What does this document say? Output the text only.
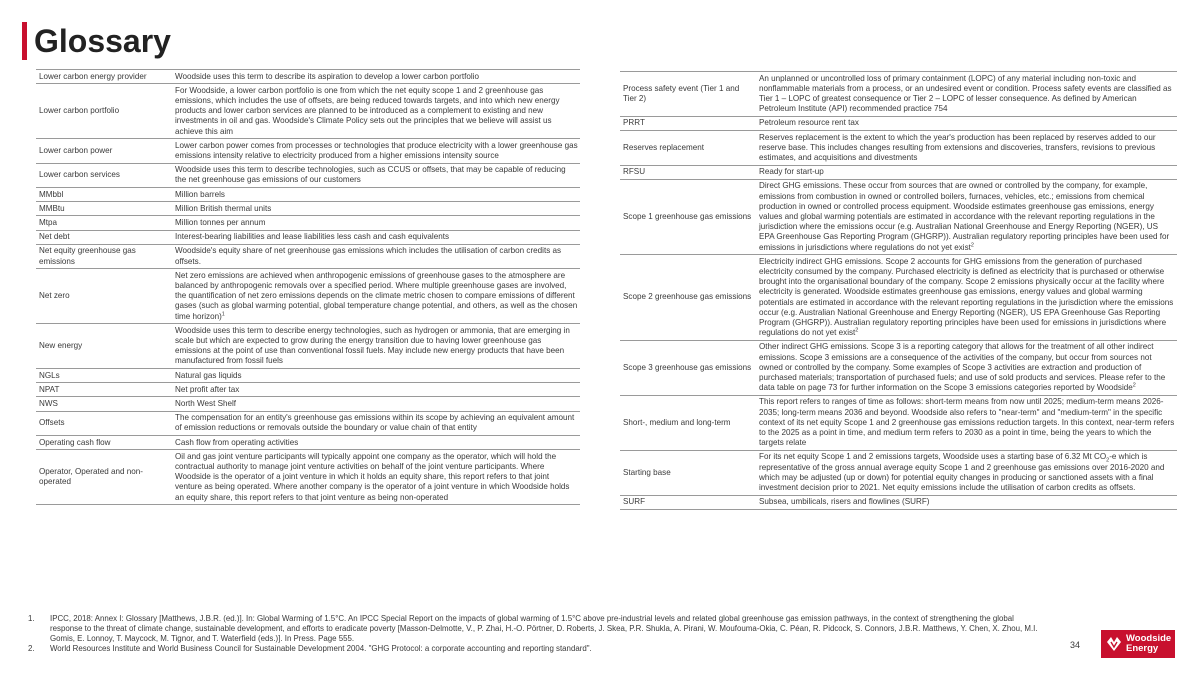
Glossary
Lower carbon energy provider	Woodside uses this term to describe its aspiration to develop a lower carbon portfolio
Lower carbon portfolio	For Woodside, a lower carbon portfolio is one from which the net equity scope 1 and 2 greenhouse gas emissions, which includes the use of offsets, are being reduced towards targets, and into which new energy products and lower carbon services are planned to be introduced as a complement to existing and new investments in oil and gas. Woodside's Climate Policy sets out the principles that we believe will assist us achieve this aim
Lower carbon power	Lower carbon power comes from processes or technologies that produce electricity with a lower greenhouse gas emissions intensity relative to electricity produced from a higher emissions intensity source
Lower carbon services	Woodside uses this term to describe technologies, such as CCUS or offsets, that may be capable of reducing the net greenhouse gas emissions of our customers
MMbbl	Million barrels
MMBtu	Million British thermal units
Mtpa	Million tonnes per annum
Net debt	Interest-bearing liabilities and lease liabilities less cash and cash equivalents
Net equity greenhouse gas emissions	Woodside's equity share of net greenhouse gas emissions which includes the utilisation of carbon credits as offsets.
Net zero	Net zero emissions are achieved when anthropogenic emissions of greenhouse gases to the atmosphere are balanced by anthropogenic removals over a specified period. Where multiple greenhouse gases are involved, the quantification of net zero emissions depends on the climate metric chosen to compare emissions of different gases (such as global warming potential, global temperature change potential, and others, as well as the chosen time horizon)$^1$
New energy	Woodside uses this term to describe energy technologies, such as hydrogen or ammonia, that are emerging in scale but which are expected to grow during the energy transition due to having lower greenhouse gas emissions at the point of use than conventional fossil fuels. May include new energy products that have been manufactured from fossil fuels
NGLs	Natural gas liquids
NPAT	Net profit after tax
NWS	North West Shelf
Offsets	The compensation for an entity's greenhouse gas emissions within its scope by achieving an equivalent amount of emission reductions or removals outside the boundary or value chain of that entity
Operating cash flow	Cash flow from operating activities
Operator, Operated and non-operated	Oil and gas joint venture participants will typically appoint one company as the operator, which will hold the contractual authority to manage joint venture activities on behalf of the joint venture participants. Where Woodside is the operator of a joint venture in which it holds an equity share, this report refers to that joint venture as being operated. Where another company is the operator of a joint venture in which Woodside holds an equity share, this report refers to that joint venture as being non-operated
Process safety event (Tier 1 and Tier 2)	An unplanned or uncontrolled loss of primary containment (LOPC) of any material including non-toxic and nonflammable materials from a process, or an undesired event or condition. Process safety events are classified as Tier 1 – LOPC of greatest consequence or Tier 2 – LOPC of lesser consequence. As defined by American Petroleum Institute (API) recommended practice 754
PRRT	Petroleum resource rent tax
Reserves replacement	Reserves replacement is the extent to which the year's production has been replaced by reserves added to our reserve base. This includes changes resulting from extensions and discoveries, transfers, revisions to previous estimates, and acquisitions and divestments
RFSU	Ready for start-up
Scope 1 greenhouse gas emissions	Direct GHG emissions. These occur from sources that are owned or controlled by the company, for example, emissions from combustion in owned or controlled boilers, furnaces, vehicles, etc.; emissions from chemical production in owned or controlled process equipment. Woodside estimates greenhouse gas emissions, energy values and global warming potentials are estimated in accordance with the relevant reporting regulations in the jurisdiction where the emissions occur (e.g. Australian National Greenhouse and Energy Reporting (NGER), US EPA Greenhouse Gas Reporting Program (GHGRP)). Australian regulatory reporting principles have been used for emissions in jurisdictions where regulations do not yet exist$^2$
Scope 2 greenhouse gas emissions	Electricity indirect GHG emissions. Scope 2 accounts for GHG emissions from the generation of purchased electricity consumed by the company. Purchased electricity is defined as electricity that is purchased or otherwise brought into the organisational boundary of the company. Scope 2 emissions physically occur at the facility where electricity is generated. Woodside estimates greenhouse gas emissions, energy values and global warming potentials are estimated in accordance with the relevant reporting regulations in the jurisdiction where the emissions occur (e.g. Australian National Greenhouse and Energy Reporting (NGER), US EPA Greenhouse Gas Reporting Program (GHGRP)). Australian regulatory reporting principles have been used for emissions in jurisdictions where regulations do not yet exist$^2$
Scope 3 greenhouse gas emissions	Other indirect GHG emissions. Scope 3 is a reporting category that allows for the treatment of all other indirect emissions. Scope 3 emissions are a consequence of the activities of the company, but occur from sources not owned or controlled by the company. Some examples of Scope 3 activities are extraction and production of purchased materials; transportation of purchased fuels; and use of sold products and services. Please refer to the data table on page 73 for further information on the Scope 3 emissions categories reported by Woodside$^2$
Short-, medium and long-term	This report refers to ranges of time as follows: short-term means from now until 2025; medium-term means 2026-2035; long-term means 2036 and beyond. Woodside also refers to "near-term" and "medium-term" in the specific context of its net equity Scope 1 and 2 greenhouse gas emissions reduction targets. In this context, near-term refers to the 2025 as a point in time, and medium term refers to 2030 as a point in time, being the years to which the targets relate
Starting base	For its net equity Scope 1 and 2 emissions targets, Woodside uses a starting base of 6.32 Mt $CO_2-e$ which is representative of the gross annual average equity Scope 1 and 2 greenhouse gas emissions over 2016-2020 and which may be adjusted (up or down) for potential equity changes in producing or sanctioned assets with a final investment decision prior to 2021. Net equity emissions include the utilisation of carbon credits as offsets.
SURF	Subsea, umbilicals, risers and flowlines (SURF)
1.	IPCC, 2018: Annex I: Glossary [Matthews, J.B.R. (ed.)]. In: Global Warming of 1.5°C. An IPCC Special Report on the impacts of global warming of 1.5°C above pre-industrial levels and related global greenhouse gas emission pathways, in the context of strengthening the global response to the threat of climate change, sustainable development, and efforts to eradicate poverty [Masson-Delmotte, V., P. Zhai, H.-O. Pörtner, D. Roberts, J. Skea, P.R. Shukla, A. Pirani, W. Moufouma-Okia, C. Péan, R. Pidcock, S. Connors, J.B.R. Matthews, Y. Chen, X. Zhou, M.I. Gomis, E. Lonnoy, T. Maycock, M. Tignor, and T. Waterfield (eds.)]. In Press. Page 555.
2.	World Resources Institute and World Business Council for Sustainable Development 2004. "GHG Protocol: a corporate accounting and reporting standard".	34
Woodside
Energy
